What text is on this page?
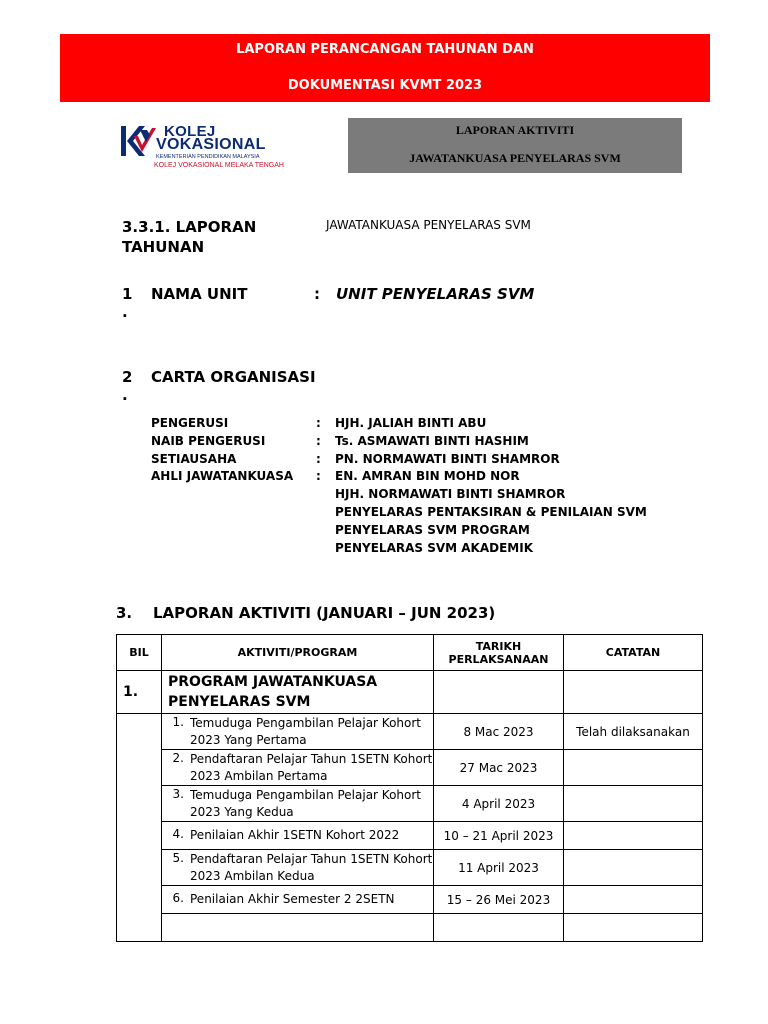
LAPORAN PERANCANGAN TAHUNAN DAN
DOKUMENTASI KVMT 2023
KOLEJ
VOKASIONAL
KEMENTERIAN PENDIDIKAN MALAYSIA
KOLEJ VOKASIONAL MELAKA TENGAH
LAPORAN AKTIVITI
JAWATANKUASA PENYELARAS SVM
3.3.1. LAPORAN
TAHUNAN
JAWATANKUASA PENYELARAS SVM
1
.
NAMA UNIT	: UNIT PENYELARAS SVM
2
.
CARTA ORGANISASI
PENGERUSI	: HJH. JALIAH BINTI ABU
NAIB PENGERUSI	: Ts. ASMAWATI BINTI HASHIM
SETIAUSAHA	: PN. NORMAWATI BINTI SHAMROR
AHLI JAWATANKUASA : EN. AMRAN BIN MOHD NOR
HJH. NORMAWATI BINTI SHAMROR
PENYELARAS PENTAKSIRAN & PENILAIAN SVM
PENYELARAS SVM PROGRAM
PENYELARAS SVM AKADEMIK
3. LAPORAN AKTIVITI (JANUARI – JUN 2023)
BIL	AKTIVITI/PROGRAM	TARIKH PERLAKSANAAN	CATATAN
1.	PROGRAM JAWATANKUASA PENYELARAS SVM		

	1. Temuduga Pengambilan Pelajar Kohort 2023 Yang Pertama	8 Mac 2023	Telah dilaksanakan

	2. Pendaftaran Pelajar Tahun 1SETN Kohort 2023 Ambilan Pertama	27 Mac 2023	

	3. Temuduga Pengambilan Pelajar Kohort 2023 Yang Kedua	4 April 2023	

	4. Penilaian Akhir 1SETN Kohort 2022	10 – 21 April 2023	

	5. Pendaftaran Pelajar Tahun 1SETN Kohort 2023 Ambilan Kedua	11 April 2023	

	6. Penilaian Akhir Semester 2 2SETN	15 – 26 Mei 2023	
